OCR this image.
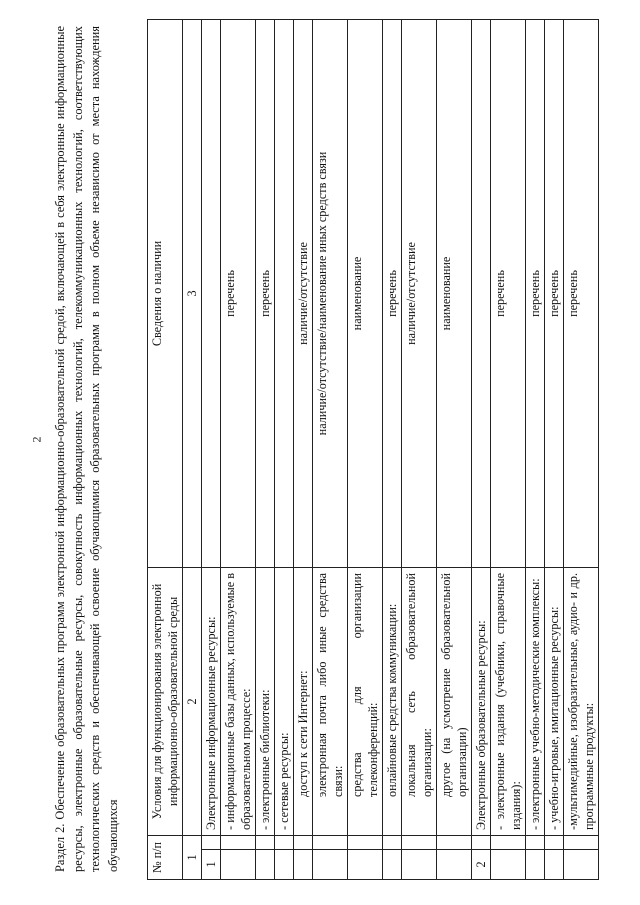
2 Раздел 2. Обеспечение образовательных программ электронной информационно-образовательной средой, включающей в себя электронные информационные ресурсы, электронные образовательные ресурсы, совокупность информационных технологий, телекоммуникационных технологий, соответствующих технологических средств и обеспечивающей освоение обучающимися образовательных программ в полном объеме независимо от места нахождения обучающихся № п/п		Условия для функционирования электронной информационно-образовательной среды	Сведения о наличии
1		2	3
1		Электронные информационные ресурсы:	
		- информационные базы данных, используемые в образовательном процессе:	перечень
		- электронные библиотеки:	перечень
		- сетевые ресурсы:	
		доступ к сети Интернет:	наличие/отсутствие
		электронная почта либо иные средства связи:	наличие/отсутствие/наименование иных средств связи
		средства для организации телеконференций:	наименование
		онлайновые средства коммуникации:	перечень
		локальная сеть образовательной организации:	наличие/отсутствие
		другое (на усмотрение образовательной организации)	наименование
2		Электронные образовательные ресурсы:	
		- электронные издания (учебники, справочные издания):	перечень
		- электронные учебно-методические комплексы:	перечень
		- учебно-игровые, имитационные ресурсы:	перечень
		-мультимедийные, изобразительные, аудио- и др. программные продукты:	перечень
